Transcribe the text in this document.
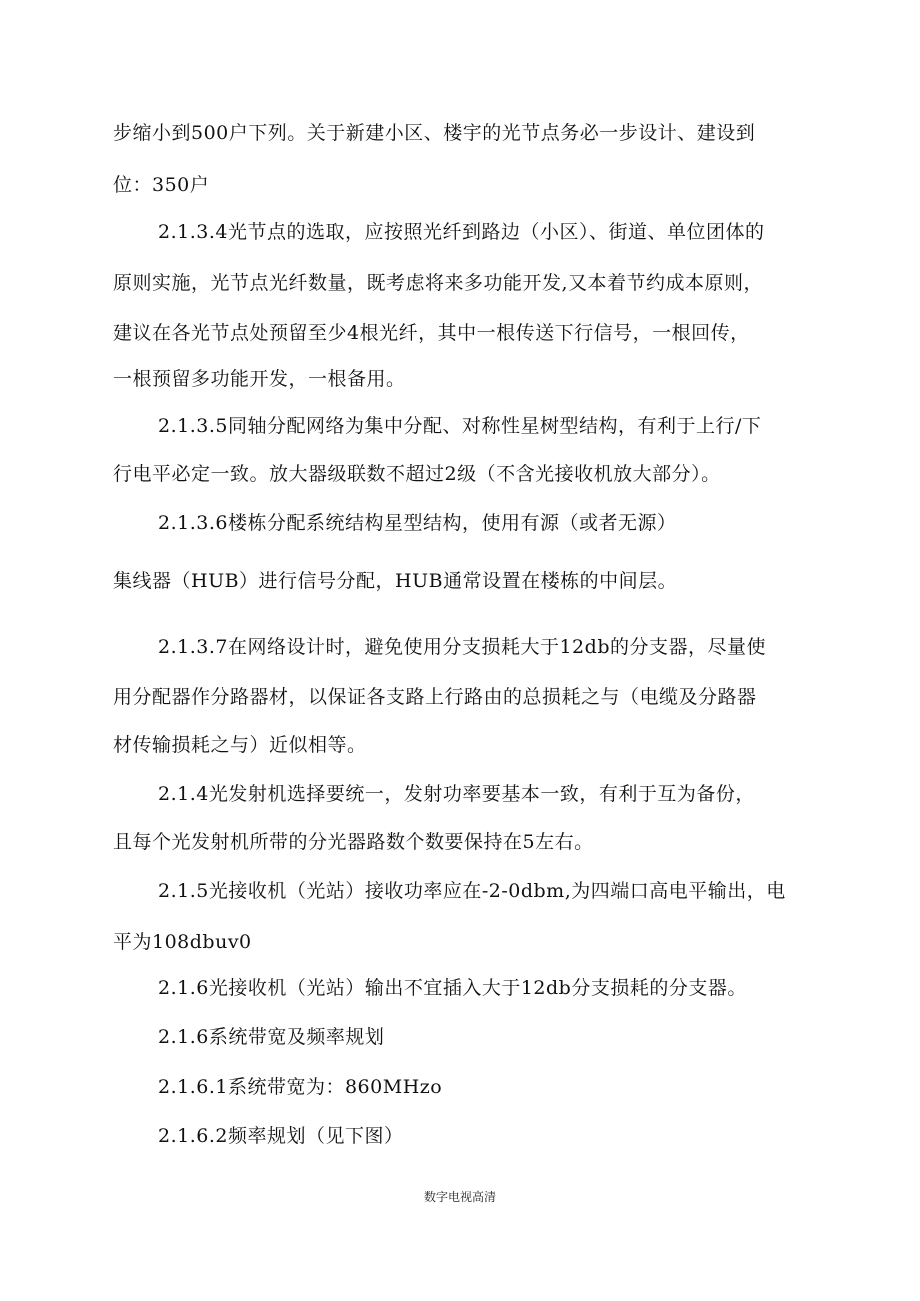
步缩小到500户下列。关于新建小区、楼宇的光节点务必一步设计、建设到
位：350户
2.1.3.4光节点的选取，应按照光纤到路边（小区）、街道、单位团体的
原则实施，光节点光纤数量，既考虑将来多功能开发,又本着节约成本原则，
建议在各光节点处预留至少4根光纤，其中一根传送下行信号，一根回传，
一根预留多功能开发，一根备用。
2.1.3.5同轴分配网络为集中分配、对称性星树型结构，有利于上行/下
行电平必定一致。放大器级联数不超过2级（不含光接收机放大部分）。
2.1.3.6楼栋分配系统结构星型结构，使用有源（或者无源）
集线器（HUB）进行信号分配，HUB通常设置在楼栋的中间层。
2.1.3.7在网络设计时，避免使用分支损耗大于12db的分支器，尽量使
用分配器作分路器材，以保证各支路上行路由的总损耗之与（电缆及分路器
材传输损耗之与）近似相等。
2.1.4光发射机选择要统一，发射功率要基本一致，有利于互为备份，
且每个光发射机所带的分光器路数个数要保持在5左右。
2.1.5光接收机（光站）接收功率应在-2-0dbm,为四端口高电平输出，电
平为108dbuv0
2.1.6光接收机（光站）输出不宜插入大于12db分支损耗的分支器。
2.1.6系统带宽及频率规划
2.1.6.1系统带宽为：860MHzo
2.1.6.2频率规划（见下图）
数字电视高清
